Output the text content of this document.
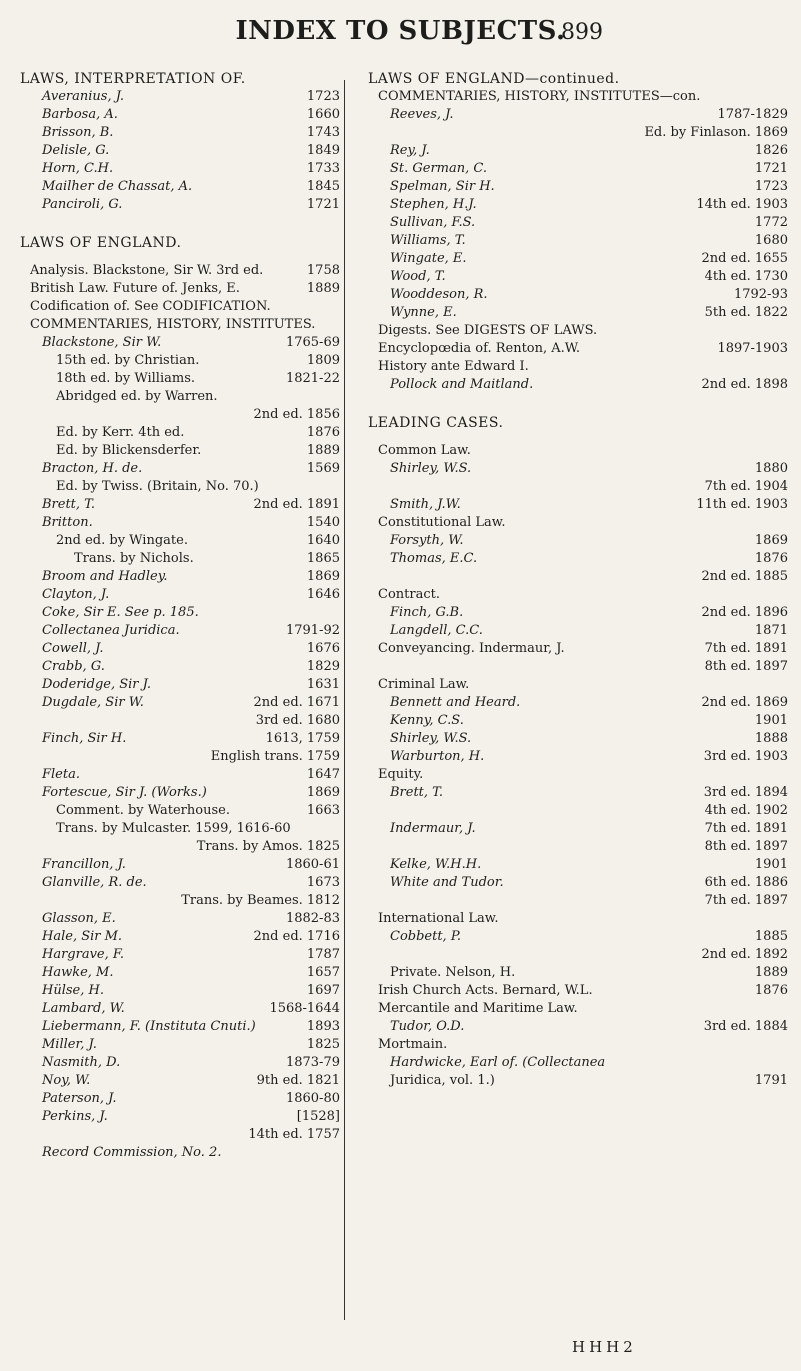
INDEX TO SUBJECTS.
899
LAWS, INTERPRETATION OF.
Averanius, J.	1723
Barbosa, A.	1660
Brisson, B.	1743
Delisle, G.	1849
Horn, C.H.	1733
Mailher de Chassat, A.	1845
Panciroli, G.	1721
LAWS OF ENGLAND.
Analysis. Blackstone, Sir W. 3rd ed.	1758
British Law. Future of. Jenks, E.	1889
Codification of. See CODIFICATION.
COMMENTARIES, HISTORY, INSTITUTES.
Blackstone, Sir W.	1765-69
15th ed. by Christian.	1809
18th ed. by Williams.	1821-22
Abridged ed. by Warren.
2nd ed. 1856
Ed. by Kerr. 4th ed.	1876
Ed. by Blickensderfer.	1889
Bracton, H. de.	1569
Ed. by Twiss. (Britain, No. 70.)
Brett, T.	2nd ed. 1891
Britton.	1540
2nd ed. by Wingate.	1640
Trans. by Nichols.	1865
Broom and Hadley.	1869
Clayton, J.	1646
Coke, Sir E. See p. 185.
Collectanea Juridica.	1791-92
Cowell, J.	1676
Crabb, G.	1829
Doderidge, Sir J.	1631
Dugdale, Sir W.	2nd ed. 1671
3rd ed. 1680
Finch, Sir H.	1613, 1759
English trans. 1759
Fleta.	1647
Fortescue, Sir J. (Works.)	1869
Comment. by Waterhouse.	1663
Trans. by Mulcaster. 1599, 1616-60
Trans. by Amos. 1825
Francillon, J.	1860-61
Glanville, R. de.	1673
Trans. by Beames. 1812
Glasson, E.	1882-83
Hale, Sir M.	2nd ed. 1716
Hargrave, F.	1787
Hawke, M.	1657
Hülse, H.	1697
Lambard, W.	1568-1644
Liebermann, F. (Instituta Cnuti.)	1893
Miller, J.	1825
Nasmith, D.	1873-79
Noy, W.	9th ed. 1821
Paterson, J.	1860-80
Perkins, J.	[1528]
14th ed. 1757
Record Commission, No. 2.
LAWS OF ENGLAND—continued.
COMMENTARIES, HISTORY, INSTITUTES—con.
Reeves, J.	1787-1829
Ed. by Finlason. 1869
Rey, J.	1826
St. German, C.	1721
Spelman, Sir H.	1723
Stephen, H.J.	14th ed. 1903
Sullivan, F.S.	1772
Williams, T.	1680
Wingate, E.	2nd ed. 1655
Wood, T.	4th ed. 1730
Wooddeson, R.	1792-93
Wynne, E.	5th ed. 1822
Digests. See DIGESTS OF LAWS.
Encyclopœdia of. Renton, A.W.	1897-1903
History ante Edward I.
Pollock and Maitland.	2nd ed. 1898
LEADING CASES.
Common Law.
Shirley, W.S.	1880
7th ed. 1904
Smith, J.W.	11th ed. 1903
Constitutional Law.
Forsyth, W.	1869
Thomas, E.C.	1876
2nd ed. 1885
Contract.
Finch, G.B.	2nd ed. 1896
Langdell, C.C.	1871
Conveyancing. Indermaur, J.	7th ed. 1891
8th ed. 1897
Criminal Law.
Bennett and Heard.	2nd ed. 1869
Kenny, C.S.	1901
Shirley, W.S.	1888
Warburton, H.	3rd ed. 1903
Equity.
Brett, T.	3rd ed. 1894
4th ed. 1902
Indermaur, J.	7th ed. 1891
8th ed. 1897
Kelke, W.H.H.	1901
White and Tudor.	6th ed. 1886
7th ed. 1897
International Law.
Cobbett, P.	1885
2nd ed. 1892
Private. Nelson, H.	1889
Irish Church Acts. Bernard, W.L.	1876
Mercantile and Maritime Law.
Tudor, O.D.	3rd ed. 1884
Mortmain.
Hardwicke, Earl of. (Collectanea
Juridica, vol. 1.)	1791
HHH2
